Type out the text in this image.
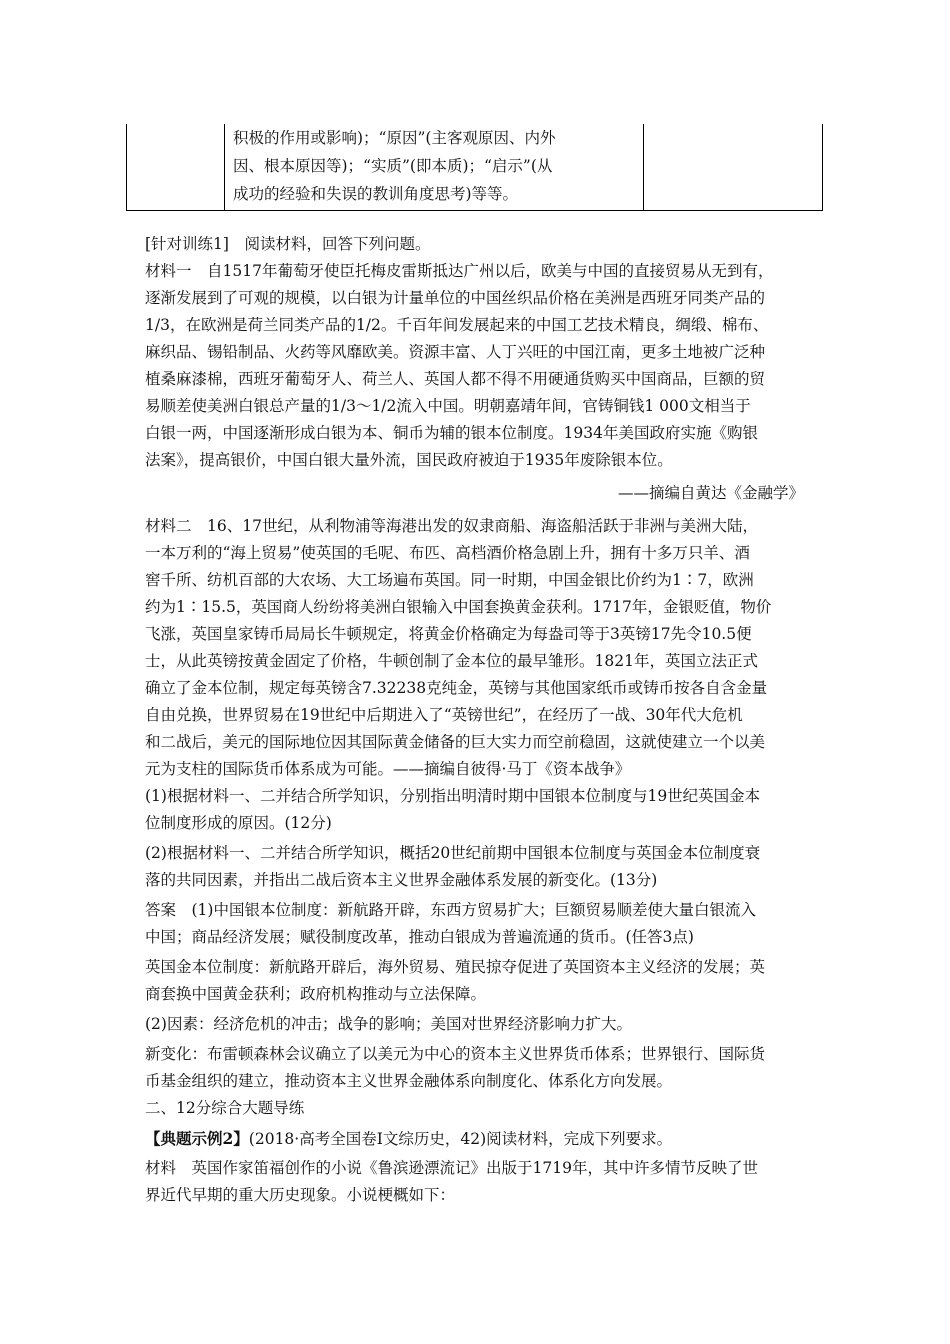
积极的作用或影响)；“原因”(主客观原因、内外
因、根本原因等)；“实质”(即本质)；“启示”(从
成功的经验和失误的教训角度思考)等等。
[针对训练1]　阅读材料，回答下列问题。
材料一　自1517年葡萄牙使臣托梅皮雷斯抵达广州以后，欧美与中国的直接贸易从无到有，
逐渐发展到了可观的规模，以白银为计量单位的中国丝织品价格在美洲是西班牙同类产品的
1/3，在欧洲是荷兰同类产品的1/2。千百年间发展起来的中国工艺技术精良，绸缎、棉布、
麻织品、锡铅制品、火药等风靡欧美。资源丰富、人丁兴旺的中国江南，更多土地被广泛种
植桑麻漆棉，西班牙葡萄牙人、荷兰人、英国人都不得不用硬通货购买中国商品，巨额的贸
易顺差使美洲白银总产量的1/3～1/2流入中国。明朝嘉靖年间，官铸铜钱1 000文相当于
白银一两，中国逐渐形成白银为本、铜币为辅的银本位制度。1934年美国政府实施《购银
法案》，提高银价，中国白银大量外流，国民政府被迫于1935年废除银本位。
——摘编自黄达《金融学》
材料二　16、17世纪，从利物浦等海港出发的奴隶商船、海盗船活跃于非洲与美洲大陆，
一本万利的“海上贸易”使英国的毛呢、布匹、高档酒价格急剧上升，拥有十多万只羊、酒
窖千所、纺机百部的大农场、大工场遍布英国。同一时期，中国金银比价约为1∶7，欧洲
约为1∶15.5，英国商人纷纷将美洲白银输入中国套换黄金获利。1717年，金银贬值，物价
飞涨，英国皇家铸币局局长牛顿规定，将黄金价格确定为每盎司等于3英镑17先令10.5便
士，从此英镑按黄金固定了价格，牛顿创制了金本位的最早雏形。1821年，英国立法正式
确立了金本位制，规定每英镑含7.32238克纯金，英镑与其他国家纸币或铸币按各自含金量
自由兑换，世界贸易在19世纪中后期进入了“英镑世纪”，在经历了一战、30年代大危机
和二战后，美元的国际地位因其国际黄金储备的巨大实力而空前稳固，这就使建立一个以美
元为支柱的国际货币体系成为可能。——摘编自彼得·马丁《资本战争》
(1)根据材料一、二并结合所学知识，分别指出明清时期中国银本位制度与19世纪英国金本
位制度形成的原因。(12分)
(2)根据材料一、二并结合所学知识，概括20世纪前期中国银本位制度与英国金本位制度衰
落的共同因素，并指出二战后资本主义世界金融体系发展的新变化。(13分)
答案　(1)中国银本位制度：新航路开辟，东西方贸易扩大；巨额贸易顺差使大量白银流入
中国；商品经济发展；赋役制度改革，推动白银成为普遍流通的货币。(任答3点)
英国金本位制度：新航路开辟后，海外贸易、殖民掠夺促进了英国资本主义经济的发展；英
商套换中国黄金获利；政府机构推动与立法保障。
(2)因素：经济危机的冲击；战争的影响；美国对世界经济影响力扩大。
新变化：布雷顿森林会议确立了以美元为中心的资本主义世界货币体系；世界银行、国际货
币基金组织的建立，推动资本主义世界金融体系向制度化、体系化方向发展。
二、12分综合大题导练
【典题示例2】(2018·高考全国卷Ⅰ文综历史，42)阅读材料，完成下列要求。
材料　英国作家笛福创作的小说《鲁滨逊漂流记》出版于1719年，其中许多情节反映了世
界近代早期的重大历史现象。小说梗概如下：
